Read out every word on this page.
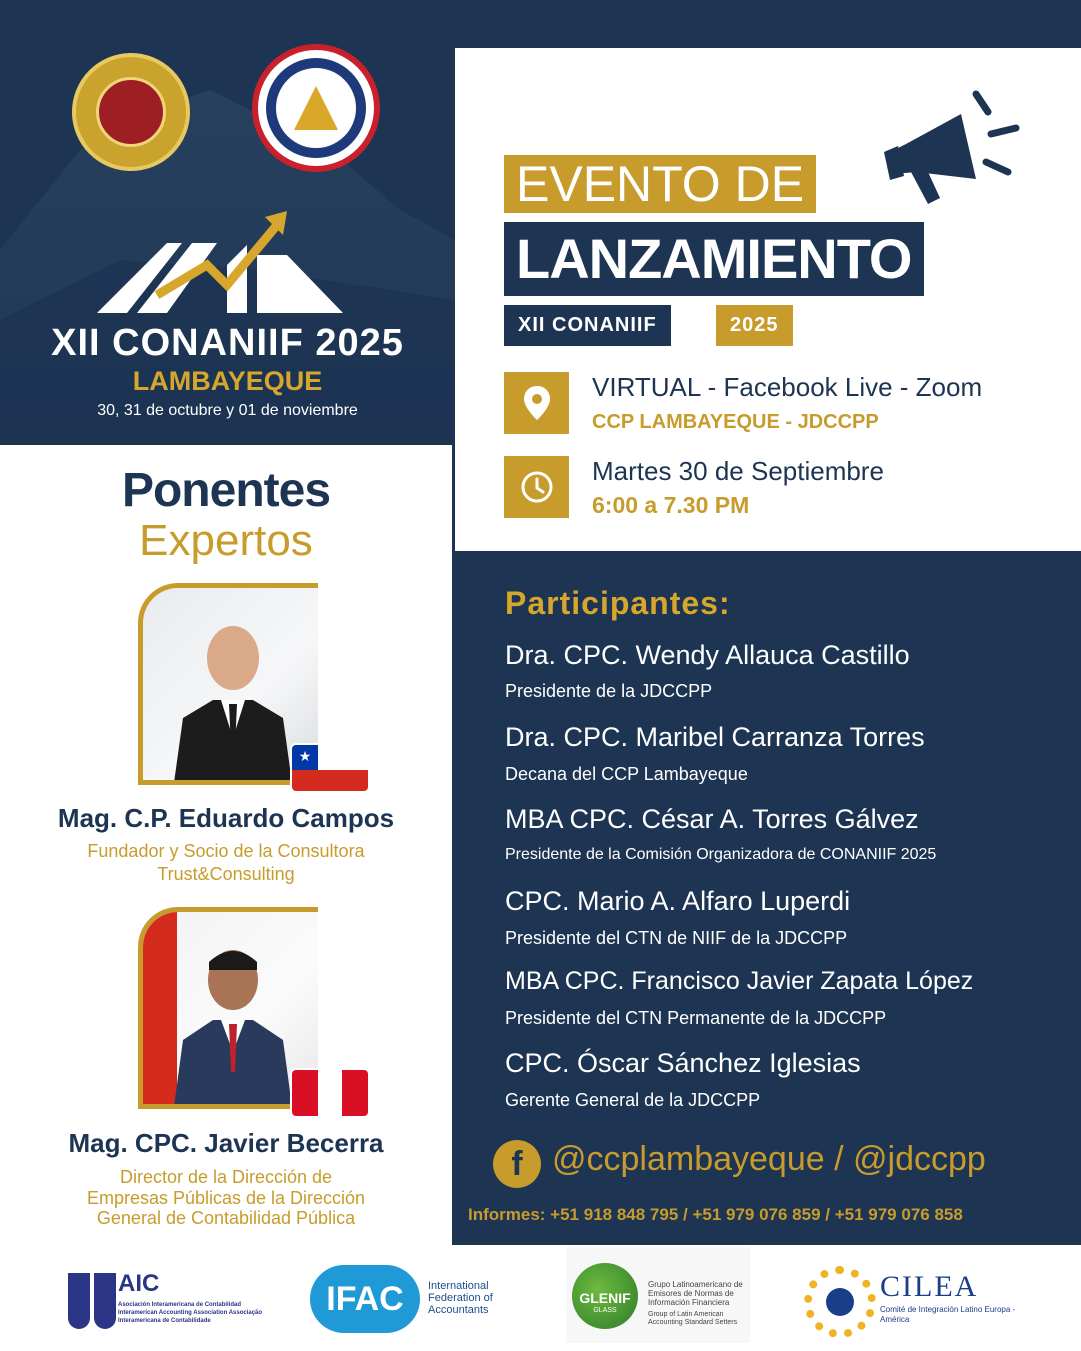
XII CONANIIF 2025
LAMBAYEQUE
30, 31 de octubre y 01 de noviembre
EVENTO DE
LANZAMIENTO
XII CONANIIF	2025
VIRTUAL - Facebook Live - Zoom
CCP LAMBAYEQUE - JDCCPP
Martes 30 de Septiembre
6:00 a 7.30 PM
Ponentes
Expertos
★
Mag. C.P. Eduardo Campos
Fundador y Socio de la Consultora
Trust&Consulting
Mag. CPC. Javier Becerra
Director de la Dirección de
Empresas Públicas de la Dirección
General de Contabilidad Pública
Participantes:
Dra. CPC. Wendy Allauca Castillo
Presidente de la JDCCPP
Dra. CPC. Maribel Carranza Torres
Decana del CCP Lambayeque
MBA CPC. César A. Torres Gálvez
Presidente de la Comisión Organizadora de CONANIIF 2025
CPC. Mario A. Alfaro Luperdi
Presidente del CTN de NIIF de la JDCCPP
MBA CPC. Francisco Javier Zapata López
Presidente del CTN Permanente de la JDCCPP
CPC. Óscar Sánchez Iglesias
Gerente General de la JDCCPP
f @ccplambayeque / @jdccpp
Informes: +51 918 848 795 / +51 979 076 859 / +51 979 076 858
AIC
Asociación Interamericana de Contabilidad Interamerican Accounting Association Associação Interamericana de Contabilidade
IFAC	International Federation of Accountants
GLENIF
GLASS
Grupo Latinoamericano de Emisores de Normas de Información Financiera
Group of Latin American Accounting Standard Setters
CILEA
Comité de Integración Latino Europa - América
